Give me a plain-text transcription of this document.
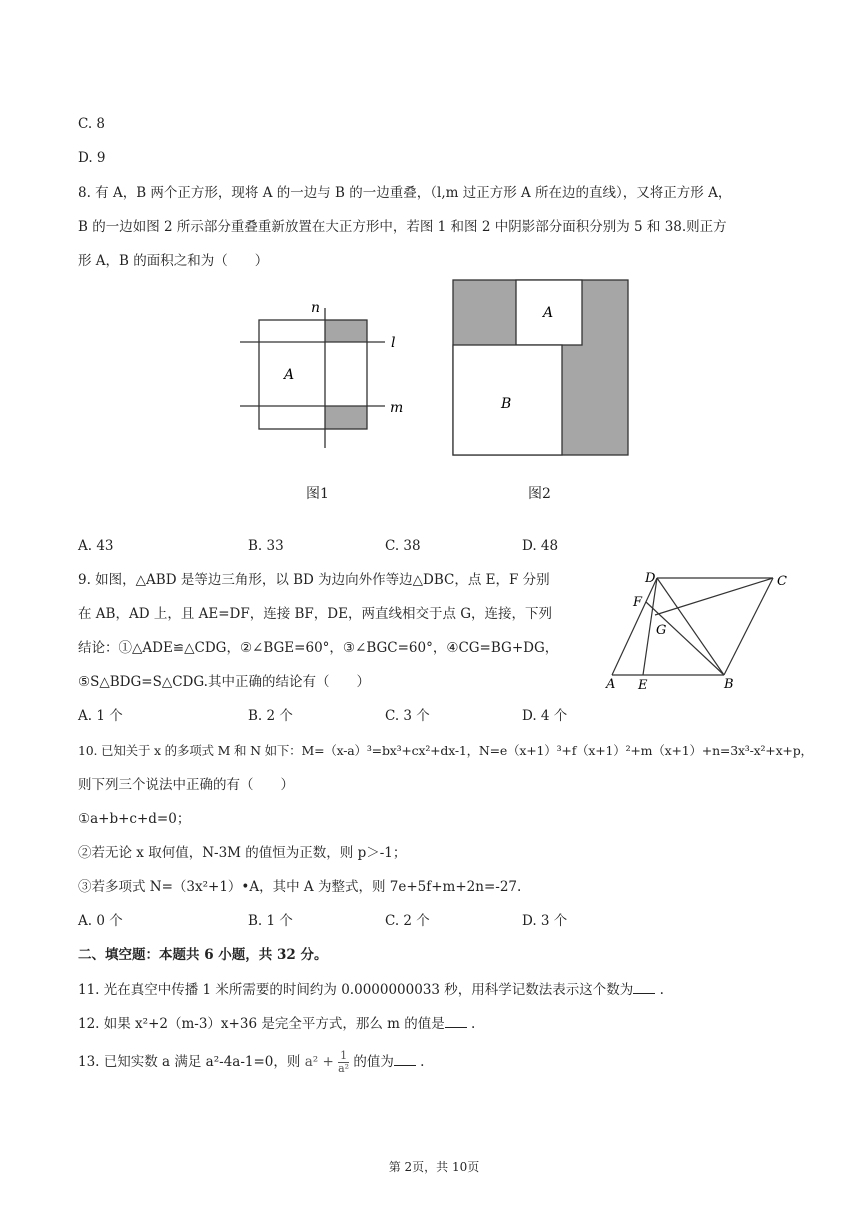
C. 8
D. 9
8. 有 A，B 两个正方形，现将 A 的一边与 B 的一边重叠，（l,m 过正方形 A 所在边的直线），又将正方形 A，
B 的一边如图 2 所示部分重叠重新放置在大正方形中，若图 1 和图 2 中阴影部分面积分别为 5 和 38.则正方
形 A，B 的面积之和为（　　）
n
l
m
A
图1
A
B
图2
A. 43	B. 33	C. 38	D. 48
9. 如图，△ABD 是等边三角形，以 BD 为边向外作等边△DBC，点 E，F 分别
在 AB，AD 上，且 AE=DF，连接 BF，DE，两直线相交于点 G，连接，下列
结论：①△ADE≌△CDG，②∠BGE=60°，③∠BGC=60°，④CG=BG+DG，
⑤S△BDG=S△CDG.其中正确的结论有（　　）
D	C
F
G
A E	B
A. 1 个	B. 2 个	C. 3 个	D. 4 个
10. 已知关于 x 的多项式 M 和 N 如下：M=（x-a）³=bx³+cx²+dx-1，N=e（x+1）³+f（x+1）²+m（x+1）+n=3x³-x²+x+p，
则下列三个说法中正确的有（　　）
①a+b+c+d=0；
②若无论 x 取何值，N-3M 的值恒为正数，则 p＞-1；
③若多项式 N=（3x²+1）•A，其中 A 为整式，则 7e+5f+m+2n=-27.
A. 0 个	B. 1 个	C. 2 个	D. 3 个
二、填空题：本题共 6 小题，共 32 分。
11. 光在真空中传播 1 米所需要的时间约为 0.0000000033 秒，用科学记数法表示这个数为 .
12. 如果 x²+2（m-3）x+36 是完全平方式，那么 m 的值是 .
13. 已知实数 a 满足 a²-4a-1=0，则 $a^2 + \frac{1}{\text{a²}}$ 的值为 .
第 2页，共 10页
